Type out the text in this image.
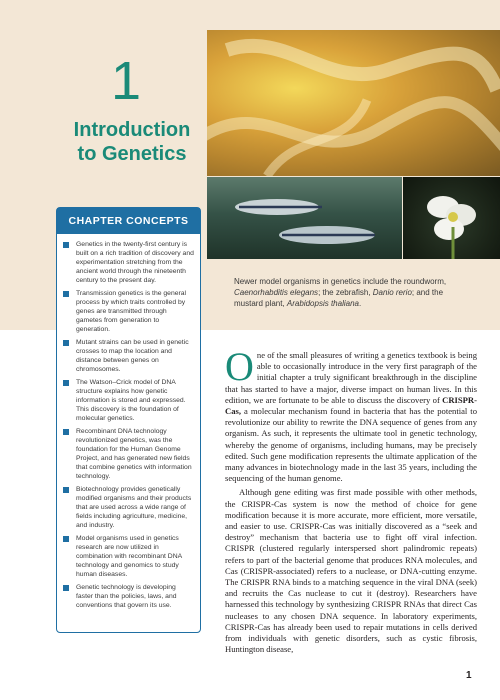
1
Introduction to Genetics
Newer model organisms in genetics include the roundworm, Caenorhabditis elegans; the zebrafish, Danio rerio; and the mustard plant, Arabidopsis thaliana.
CHAPTER CONCEPTS
Genetics in the twenty-first century is built on a rich tradition of discovery and experimentation stretching from the ancient world through the nineteenth century to the present day.
Transmission genetics is the general process by which traits controlled by genes are transmitted through gametes from generation to generation.
Mutant strains can be used in genetic crosses to map the location and distance between genes on chromosomes.
The Watson–Crick model of DNA structure explains how genetic information is stored and expressed. This discovery is the foundation of molecular genetics.
Recombinant DNA technology revolutionized genetics, was the foundation for the Human Genome Project, and has generated new fields that combine genetics with information technology.
Biotechnology provides genetically modified organisms and their products that are used across a wide range of fields including agriculture, medicine, and industry.
Model organisms used in genetics research are now utilized in combination with recombinant DNA technology and genomics to study human diseases.
Genetic technology is developing faster than the policies, laws, and conventions that govern its use.

One of the small pleasures of writing a genetics textbook is being able to occasionally introduce in the very first paragraph of the initial chapter a truly significant breakthrough in the discipline that has started to have a major, diverse impact on human lives. In this edition, we are fortunate to be able to discuss the discovery of CRISPR-Cas, a molecular mechanism found in bacteria that has the potential to revolutionize our ability to rewrite the DNA sequence of genes from any organism. As such, it represents the ultimate tool in genetic technology, whereby the genome of organisms, including humans, may be precisely edited. Such gene modification represents the ultimate application of the many advances in biotechnology made in the last 35 years, including the sequencing of the human genome.

Although gene editing was first made possible with other methods, the CRISPR-Cas system is now the method of choice for gene modification because it is more accurate, more efficient, more versatile, and easier to use. CRISPR-Cas was initially discovered as a “seek and destroy” mechanism that bacteria use to fight off viral infection. CRISPR (clustered regularly interspersed short palindromic repeats) refers to part of the bacterial genome that produces RNA molecules, and Cas (CRISPR-associated) refers to a nuclease, or DNA-cutting enzyme. The CRISPR RNA binds to a matching sequence in the viral DNA (seek) and recruits the Cas nuclease to cut it (destroy). Researchers have harnessed this technology by synthesizing CRISPR RNAs that direct Cas nucleases to any chosen DNA sequence. In laboratory experiments, CRISPR-Cas has already been used to repair mutations in cells derived from individuals with genetic disorders, such as cystic fibrosis, Huntington disease,

1
